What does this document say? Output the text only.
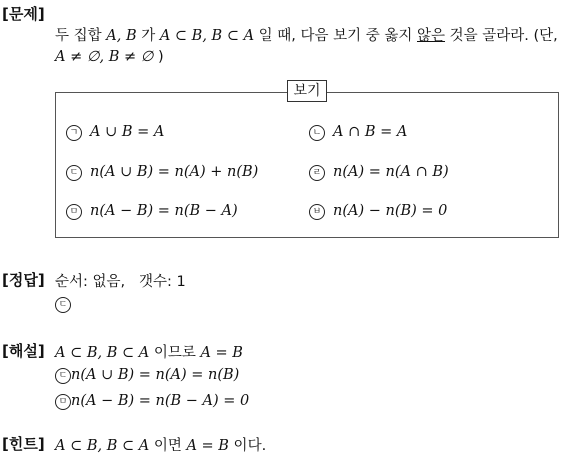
[문제]
두 집합 A, B 가 A ⊂ B, B ⊂ A 일 때, 다음 보기 중 옳지 않은 것을 골라라. (단,
A ≠ ∅, B ≠ ∅ )
보기
ㄱ A ∪ B = A	ㄴ A ∩ B = A
ㄷ n(A ∪ B) = n(A) + n(B)	ㄹ n(A) = n(A ∩ B)
ㅁ n(A − B) = n(B − A)	ㅂ n(A) − n(B) = 0
[정답] 순서: 없음,   갯수: 1
ㄷ
[해설] A ⊂ B, B ⊂ A 이므로 A = B
ㄷ n(A ∪ B) = n(A) = n(B)
ㅁ n(A − B) = n(B − A) = 0
[힌트] A ⊂ B, B ⊂ A 이면 A = B 이다.
